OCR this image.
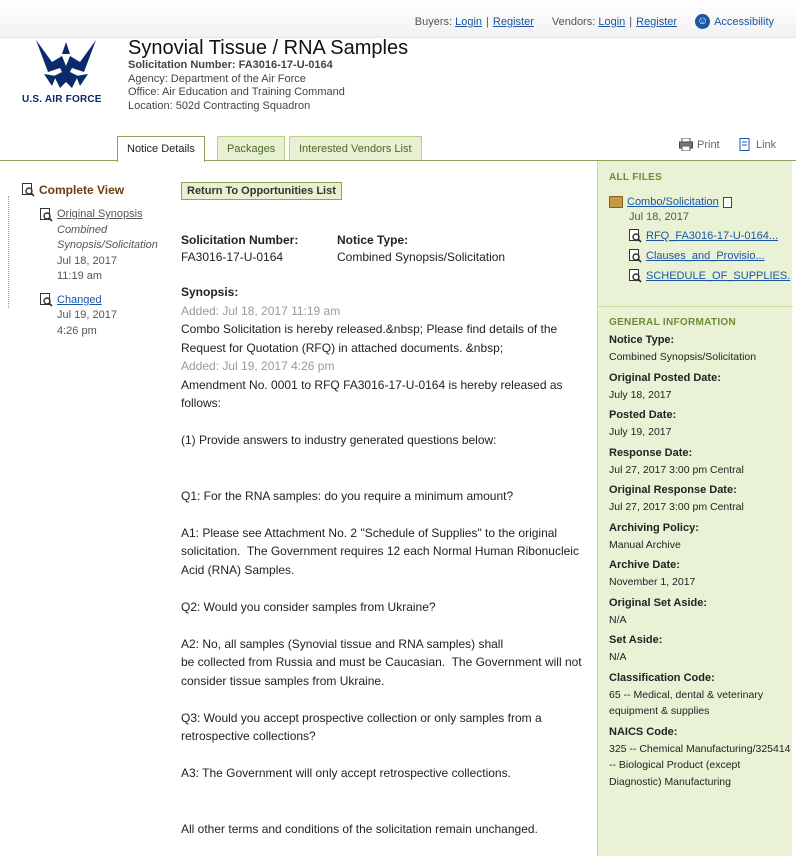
Buyers: Login | Register Vendors: Login | Register ☺ Accessibility
U.S. AIR FORCE
Synovial Tissue / RNA Samples
Solicitation Number: FA3016-17-U-0164
Agency: Department of the Air Force
Office: Air Education and Training Command
Location: 502d Contracting Squadron
Notice Details	Packages	Interested Vendors List	Print	Link
Complete View
Original Synopsis
Combined
Synopsis/Solicitation
Jul 18, 2017
11:19 am
Changed
Jul 19, 2017
4:26 pm
Return To Opportunities List
Solicitation Number:
FA3016-17-U-0164
Notice Type:
Combined Synopsis/Solicitation
Synopsis:
Added: Jul 18, 2017 11:19 am
Combo Solicitation is hereby released.&nbsp; Please find details of the Request for Quotation (RFQ) in attached documents. &nbsp;
Added: Jul 19, 2017 4:26 pm
Amendment No. 0001 to RFQ FA3016-17-U-0164 is hereby released as follows:
(1) Provide answers to industry generated questions below:
Q1: For the RNA samples: do you require a minimum amount?
A1: Please see Attachment No. 2 "Schedule of Supplies" to the original solicitation.  The Government requires 12 each Normal Human Ribonucleic Acid (RNA) Samples.
Q2: Would you consider samples from Ukraine?
A2: No, all samples (Synovial tissue and RNA samples) shall
be collected from Russia and must be Caucasian.  The Government will not consider tissue samples from Ukraine.
Q3: Would you accept prospective collection or only samples from a retrospective collections?
A3: The Government will only accept retrospective collections.
All other terms and conditions of the solicitation remain unchanged.
ALL FILES
Combo/Solicitation
Jul 18, 2017
RFQ_FA3016-17-U-0164...
Clauses_and_Provisio...
SCHEDULE_OF_SUPPLIES.
GENERAL INFORMATION
Notice Type:
Combined Synopsis/Solicitation
Original Posted Date:
July 18, 2017
Posted Date:
July 19, 2017
Response Date:
Jul 27, 2017 3:00 pm Central
Original Response Date:
Jul 27, 2017 3:00 pm Central
Archiving Policy:
Manual Archive
Archive Date:
November 1, 2017
Original Set Aside:
N/A
Set Aside:
N/A
Classification Code:
65 -- Medical, dental & veterinary equipment & supplies
NAICS Code:
325 -- Chemical Manufacturing/325414 -- Biological Product (except Diagnostic) Manufacturing
